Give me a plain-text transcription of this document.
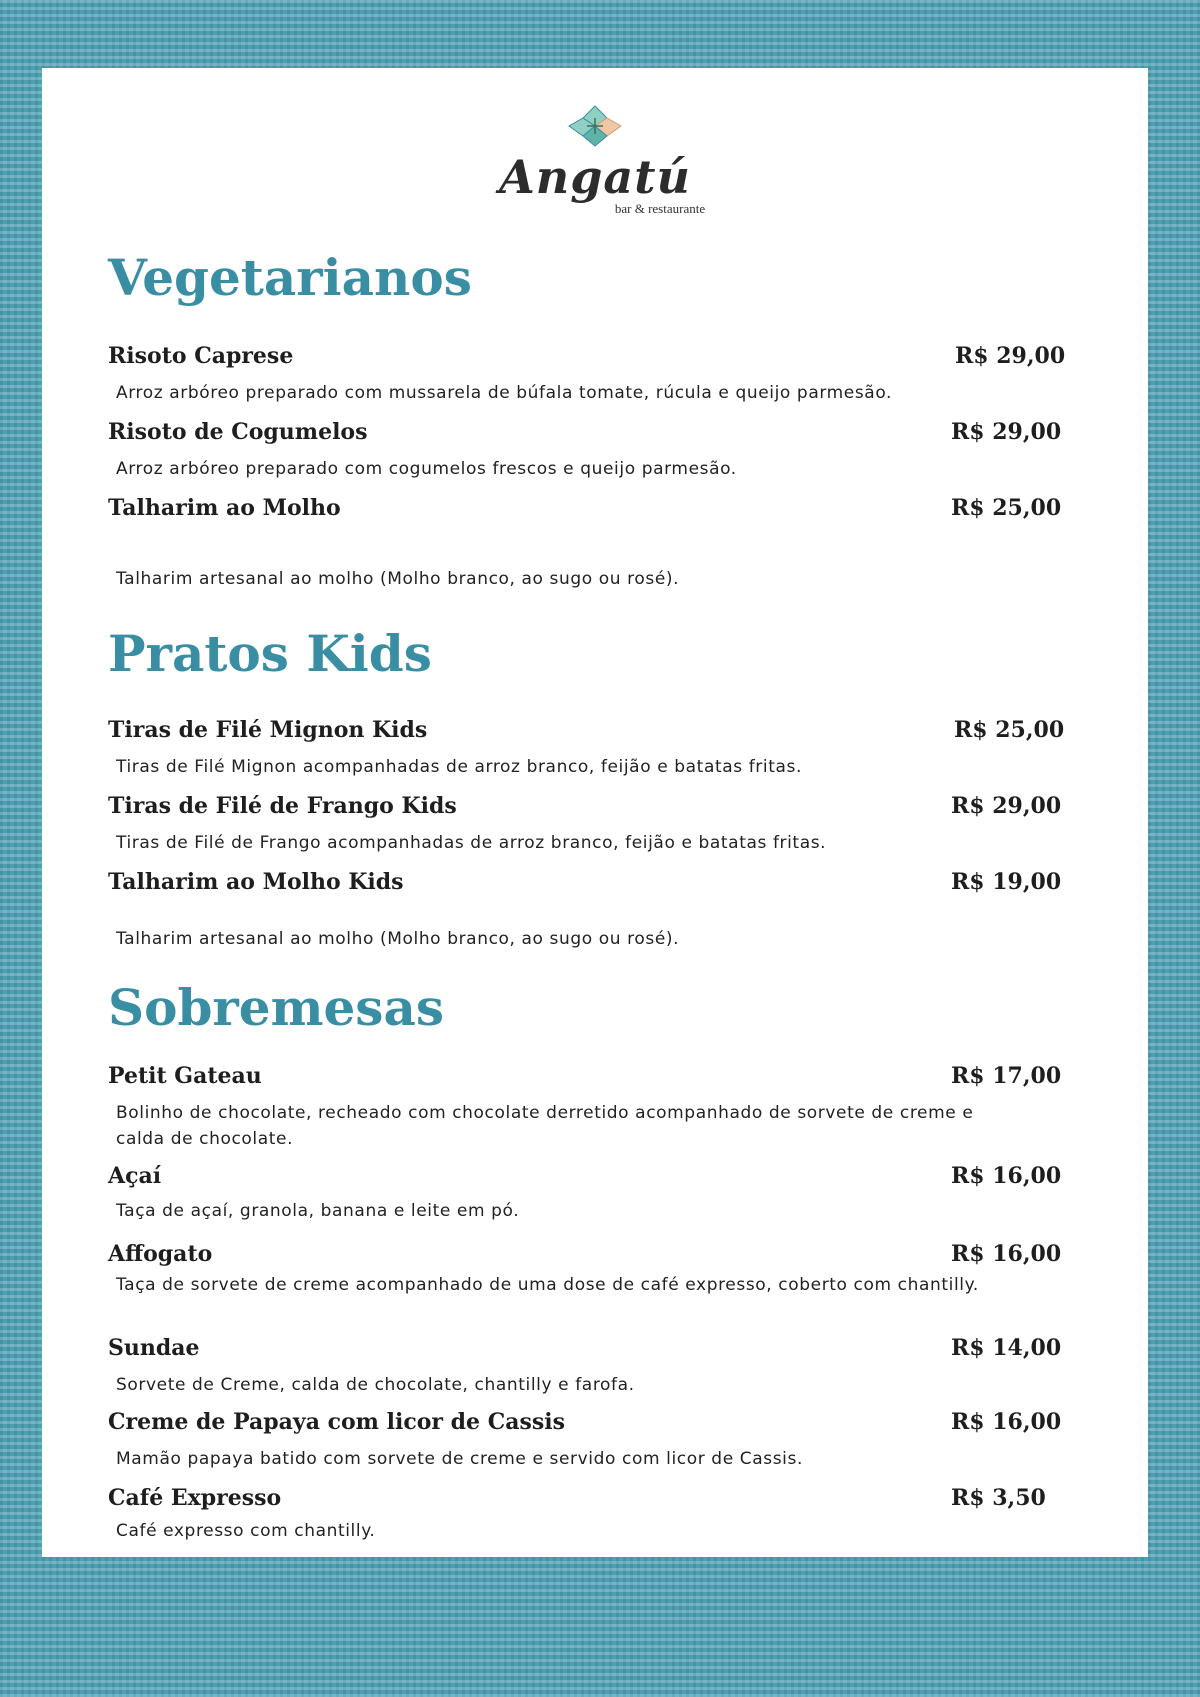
Angatú
bar & restaurante
Vegetarianos
Risoto Caprese	R$ 29,00
Arroz arbóreo preparado com mussarela de búfala tomate, rúcula e queijo parmesão.
Risoto de Cogumelos	R$ 29,00
Arroz arbóreo preparado com cogumelos frescos e queijo parmesão.
Talharim ao Molho	R$ 25,00
Talharim artesanal ao molho (Molho branco, ao sugo ou rosé).
Pratos Kids
Tiras de Filé Mignon Kids	R$ 25,00
Tiras de Filé Mignon acompanhadas de arroz branco, feijão e batatas fritas.
Tiras de Filé de Frango Kids	R$ 29,00
Tiras de Filé de Frango acompanhadas de arroz branco, feijão e batatas fritas.
Talharim ao Molho Kids	R$ 19,00
Talharim artesanal ao molho (Molho branco, ao sugo ou rosé).
Sobremesas
Petit Gateau	R$ 17,00
Bolinho de chocolate, recheado com chocolate derretido acompanhado de sorvete de creme e calda de chocolate.
Açaí	R$ 16,00
Taça de açaí, granola, banana e leite em pó.
Affogato	R$ 16,00
Taça de sorvete de creme acompanhado de uma dose de café expresso, coberto com chantilly.
Sundae	R$ 14,00
Sorvete de Creme, calda de chocolate, chantilly e farofa.
Creme de Papaya com licor de Cassis	R$ 16,00
Mamão papaya batido com sorvete de creme e servido com licor de Cassis.
Café Expresso	R$ 3,50
Café expresso com chantilly.
